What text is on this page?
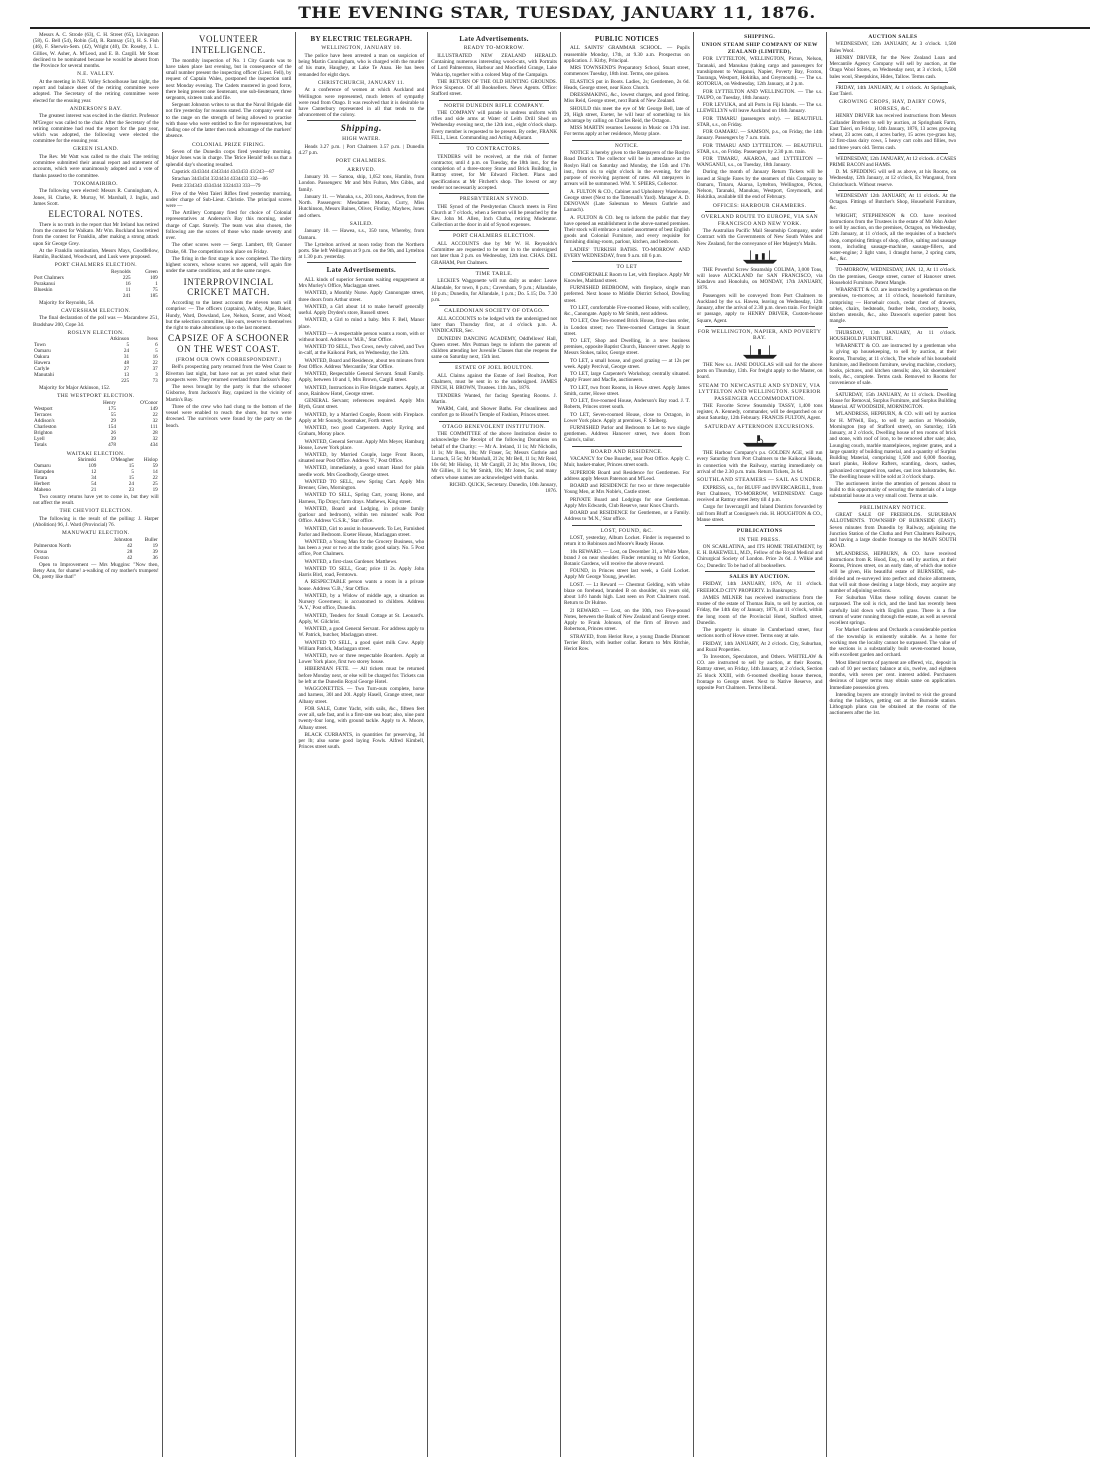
THE EVENING STAR, TUESDAY, JANUARY 11, 1876.

Messrs A. C. Strode (63), C. H. Street (65), Livingston (58), G. Bell (54), Robin (54), R. Ramsay (51), H. S. Fish (46), F. Sherwin-Sem. (42), Wright (40), Dr. Roseby, J. L. Gillies, W. Asher, A. M'Leod, and E. B. Cargill. Mr Stout declined to be nominated because he would be absent from the Province for several months.

N.E. VALLEY.

At the meeting in N.E. Valley Schoolhouse last night, the report and balance sheet of the retiring committee were adopted. The Secretary of the retiring committee were elected for the ensuing year.

ANDERSON'S BAY.

The greatest interest was excited in the district. Professor M'Gregor was called to the chair. After the Secretary of the retiring committee had read the report for the past year, which was adopted, the following were elected the committee for the ensuing year.

GREEN ISLAND.

The Rev. Mr Watt was called to the chair. The retiring committee submitted their annual report and statement of accounts, which were unanimously adopted and a vote of thanks passed to the committee.

TOKOMAIRIRO.

The following were elected: Messrs R. Cunningham, A. Jones, H. Clarke, R. Murray, W. Marshall, J. Inglis, and James Scott.

ELECTORAL NOTES.

There is no truth in the report that Mr Ireland has retired from the contest for Waikato. Mr Wm. Buckland has retired from the contest for Franklin, after making a strong attack upon Sir George Grey.

At the Franklin nomination, Messrs Mays, Goodfellow, Hamlin, Buckland, Woodward, and Lusk were proposed.

PORT CHALMERS ELECTION.
	Reynolds	Green
Port Chalmers	225	109
Purakanui	16	1
Blueskin	11	75
	241	185

Majority for Reynolds, 56.

CAVERSHAM ELECTION.

The final declaration of the poll was — Macandrew 251, Bradshaw 200, Cope 34.

ROSLYN ELECTION.
	Atkinson	Ivess
Town	5	6
Oamaru	24	5
Oakura	31	16
Hawera	48	22
Carlyle	27	37
Manutahi	13	3
	225	73

Majority for Major Atkinson, 152.

THE WESTPORT ELECTION.
	Henry	O'Conor
Westport	175	149
Terraces	55	22
Addison's	29	32
Charleston	154	111
Brighton	26	28
Lyell	39	32
Totals	478	434
WAITAKI ELECTION.
	Shrimski	O'Meagher	Hislop
Oamaru	109	15	59
Hampden	12	5	14
Totara	34	15	22
Herbert	54	24	25
Maheno	21	23	19

Two country returns have yet to come in, but they will not affect the result.

THE CHEVIOT ELECTION.

The following is the result of the polling: J. Harper (Abolition) 96, J. Ward (Provincial) 76.

MANUWATU ELECTION.
	Johnston	Buller
Palmerston North	42	19
Oroua	28	39
Foxton	42	36

Open to Improvement — Mrs Muggins: "Now then, Betsy Ann, for shame! a-walking of my mother's trumpets! Oh, pretty like that!"

VOLUNTEER INTELLIGENCE.

The monthly inspection of No. 1 City Guards was to have taken place last evening, but in consequence of the small number present the inspecting officer (Lieut. Fell), by request of Captain Wales, postponed the inspection until next Monday evening. The Cadets mustered in good force, there being present one lieutenant, one sub-lieutenant, three sergeants, sixteen rank and file.

Sergeant Johnston writes to us that the Naval Brigade did not fire yesterday for reasons stated. The company went out to the range on the strength of being allowed to practise with those who were entitled to fire for representatives, but finding one of the latter then took advantage of the markers' absence.

COLONIAL PRIZE FIRING.

Seven of the Dunedin corps fired yesterday morning. Major Jones was in charge. The 'Brice Herald' tells us that a splendid day's shooting resulted.

Capstick 4343344 4343344 4343433 43/243—87

Strachan 3443434 3324434 4334433 332—86

Pettit 2334343 4334344 3324433 333—79

Five of the West Taieri Rifles fired yesterday morning, under charge of Sub-Lieut. Christie. The principal scores were —

The Artillery Company fired for choice of Colonial representatives at Anderson's Bay this morning, under charge of Capt. Stavely. The team was also chosen, the following are the scores of those who made seventy and over.

The other scores were — Sergt. Lambert, 69; Gunner Drake, 68. The competition took place on Friday.

The firing in the first stage is now completed. The thirty highest scorers, whose scores we append, will again fire under the same conditions, and at the same ranges.

INTERPROVINCIAL CRICKET MATCH.

According to the latest accounts the eleven team will comprise: — The officers (captains), Ashby, Alpe, Baker, Hundy, Ward, Dowsland, Lee, Nelson, Scoter, and Wood; but the selection committee, like ours, reserve to themselves the right to make alterations up to the last moment.

CAPSIZE OF A SCHOONER ON THE WEST COAST.
(FROM OUR OWN CORRESPONDENT.)

Bell's prospecting party returned from the West Coast to Riverton last night, but have not as yet stated what their prospects were. They returned overland from Jackson's Bay.

The news brought by the party is that the schooner Gisborne, from Jackson's Bay, capsized in the vicinity of Martin's Bay.

Three of the crew who had clung to the bottom of the vessel were enabled to reach the shore, but two were drowned. The survivors were found by the party on the beach.

BY ELECTRIC TELEGRAPH.
WELLINGTON, JANUARY 10.

The police have been arrested a man on suspicion of being Martin Cunningham, who is charged with the murder of his mate, Haughey, at Lake Te Anau. He has been remanded for eight days.

CHRISTCHURCH, JANUARY 11.

At a conference of women at which Auckland and Wellington were represented, much letters of sympathy were read from Otago. It was resolved that it is desirable to have Canterbury represented in all that tends to the advancement of the colony.

Shipping.
HIGH WATER.

Heads 3.27 p.m. | Port Chalmers 3.57 p.m. | Dunedin 4.27 p.m.

PORT CHALMERS.
ARRIVED.

January 10. — Samoa, ship, 1,052 tons, Hamlin, from London. Passengers: Mr and Mrs Fulton, Mrs Gibbs, and family.

January 11. — Wanaka, s.s., 203 tons, Andrews, from the North. Passengers: Mesdames Moran, Curry, Miss Hutchinson, Messrs Baines, Oliver, Findlay, Mayhew, Jones and others.

SAILED.

January 10. — Hawea, s.s., 350 tons, Whereby, from Oamaru.

The Lyttelton arrived at noon today from the Northern ports. She left Wellington at 9 p.m. on the 9th, and Lyttelton at 1.30 p.m. yesterday.

Late Advertisements.

ALL kinds of superior Servants waiting engagement at Mrs Murley's Office, Maclaggan street.

WANTED, a Monthly Nurse. Apply Cannongate street, three doors from Arthur street.

WANTED, a Girl about 14 to make herself generally useful. Apply Dryden's store, Russell street.

WANTED, a Girl to mind a baby. Mrs F. Bell, Manor place.

WANTED — A respectable person wants a room, with or without board. Address to 'M.B.,' Star Office.

WANTED TO SELL, Two Cows, newly calved, and Two in-calf, at the Kaikorai Park, on Wednesday, the 12th.

WANTED, Board and Residence, about ten minutes from Post Office. Address 'Mercantile,' Star Office.

WANTED, Respectable General Servant. Small Family. Apply, between 10 and 1, Mrs Brown, Cargill street.

WANTED, Instructions in Fire Brigade matters. Apply, at once, Rainbow Hotel, George street.

GENERAL Servant; references required. Apply Mrs Blyth, Grant street.

WANTED, by a Married Couple, Room with Fireplace. Apply at Mr Soundy, bootmaker, Forth street.

WANTED, two good Carpenters. Apply Eyring and Graham, Moray place.

WANTED, General Servant. Apply Mrs Meyer, Hamburg House, Lower York place.

WANTED, by Married Couple, large Front Room, situated near Post Office. Address 'F.,' Post Office.

WANTED, immediately, a good smart Hand for plain needle work. Mrs Goodbody, George street.

WANTED TO SELL, new Spring Cart. Apply Mrs Brenner, Glen, Mornington.

WANTED TO SELL, Spring Cart, young Horse, and Harness, Tip Drays; farm drays. Mathews, King street.

WANTED, Board and Lodging, in private family (parlour and bedroom), within ten minutes' walk Post Office. Address 'G.S.R.,' Star office.

WANTED, Girl to assist in housework. To Let, Furnished Parlor and Bedroom. Exeter House, Maclaggan street.

WANTED, a Young Man for the Grocery Business, who has been a year or two at the trade; good salary. No. 5 Post office, Port Chalmers.

WANTED, a first-class Gardener. Matthews.

WANTED TO SELL, Goat; price 1l 2s. Apply John Harris Bird, road, Ferntown.

A RESPECTABLE person wants a room in a private house. Address 'G.B.,' Star Office.

WANTED, by a Widow of middle age, a situation as Nursery Governess; is accustomed to children. Address 'A.Y.,' Post office, Dunedin.

WANTED, Tenders for Small Cottage at St. Leonard's. Apply, W. Gilchrist.

WANTED, a good General Servant. For address apply to W. Patrick, butcher, Maclaggan street.

WANTED TO SELL, a good quiet milk Cow. Apply William Patrick, Maclaggan street.

WANTED, two or three respectable Boarders. Apply at Lower York place, first two storey house.

HIBERNIAN FETE. — All tickets must be returned before Monday next, or else will be charged for. Tickets can be left at the Dunedin Royal George Hotel.

WAGGONETTES. — Two Turn-outs complete, horse and harness, 30l and 20l. Apply Hasell, Grange street, near Albany street.

FOR SALE, Cutter Yacht, with sails, &c., fifteen feet over all, safe fast, and is a first-rate sea boat; also, nine punt twenty-four long, with ground tackle. Apply to A. Moore, Albany street.

BLACK CURRANTS, in quantities for preserving, 3d per lb; also some good laying Fowls. Alfred Kimbell, Princes street south.

Late Advertisements.
READY TO-MORROW.

ILLUSTRATED NEW ZEALAND HERALD. Containing numerous interesting wood-cuts, with Portraits of Lord Palmerston, Harbour and Moorfield Grange, Lake Waka tip, together with a colored Map of the Campaign.

THE RETURN OF THE OLD HUNTING GROUNDS. Price Sixpence. Of all Booksellers. News Agents. Office: Stafford street.

NORTH DUNEDIN RIFLE COMPANY.

THE COMPANY will parade in undress uniform with rifles and side arms at Water of Leith Drill Shed on Wednesday evening next, the 12th inst., eight o'clock sharp. Every member is requested to be present. By order, FRANK FELL, Lieut. Commanding and Acting Adjutant.

TO CONTRACTORS.

TENDERS will be received, at the risk of former contractor, until 4 p.m. on Tuesday, the 18th inst., for the completion of a three-storey Stone and Brick Building, in Rattray street, for Mr Edward Fitchett. Plans and specifications at Mr Fitchett's shop. The lowest or any tender not necessarily accepted.

PRESBYTERIAN SYNOD.

THE Synod of the Presbyterian Church meets in First Church at 7 o'clock, when a Sermon will be preached by the Rev. John M. Allen, Inch Clutha, retiring Moderator. Collection at the door in aid of Synod expenses.

PORT CHALMERS ELECTION.

ALL ACCOUNTS due by Mr W. H. Reynolds's Committee are requested to be sent in to the undersigned not later than 2 p.m. on Wednesday, 12th inst. CHAS. DEL GRAHAM, Port Chalmers.

TIME TABLE.

LECKIE'S Waggonette will run daily as under: Leave Allandale, for town, 8 p.m.; Caversham, 9 p.m.; Allandale, 10 p.m.; Dunedin, for Allandale, 1 p.m.; Do. 5.15; Do. 7.30 p.m.

CALEDONIAN SOCIETY OF OTAGO.

ALL ACCOUNTS to be lodged with the undersigned not later than Thursday first, at 4 o'clock p.m. A. VINDICATER, Sec.

DUNEDIN DANCING ACADEMY, Oddfellows' Hall, Queen street. Mrs Putman begs to inform the parents of children attending her Juvenile Classes that she reopens the same on Saturday next, 15th inst.

ESTATE OF JOEL BOULTON.

ALL Claims against the Estate of Joel Boulton, Port Chalmers, must be sent in to the undersigned. JAMES FINCH, H. BROWN, Trustees. 11th Jan., 1876.

TENDERS Wanted, for facing Spenting Rooms. J. Martin.

WARM, Cold, and Shower Baths. For cleanliness and comfort go to Bissell's Temple of Fashion, Princes street.

OTAGO BENEVOLENT INSTITUTION.

THE COMMITTEE of the above Institution desire to acknowledge the Receipt of the following Donations on behalf of the Charity: — Mr A. Ireland, 1l 1s; Mr Nicholls, 1l 1s; Mr Ross, 10s; Mr Fraser, 5s; Messrs Guthrie and Larnach, 5l 5s; Mr Marshall, 2l 2s; Mr Bell, 1l 1s; Mr Reid, 10s 6d; Mr Hislop, 1l; Mr Cargill, 2l 2s; Mrs Brown, 10s; Mr Gillies, 1l 1s; Mr Smith, 10s; Mr Jones, 5s; and many others whose names are acknowledged with thanks.

RICHD. QUICK, Secretary. Dunedin, 10th January, 1876.

PUBLIC NOTICES

ALL SAINTS' GRAMMAR SCHOOL. — Pupils reassemble Monday, 17th, at 9.30 a.m. Prospectus on application. J. Kirby, Principal.

MRS TOWNSEND'S Preparatory School, Stuart street, commences Tuesday, 18th inst. Terms, one guinea.

ELASTICS put in Boots. Ladies, 2s; Gentlemen, 2s 6d. Heads, George street, near Knox Church.

DRESSMAKING, &c., lowest charges, and good fitting. Miss Reid, George street, next Bank of New Zealand.

SHOULD this meet the eye of Mr George Bell, late of 29, High street, Exeter, he will hear of something to his advantage by calling on Charles Reid, the Octagon.

MISS MARTIN resumes Lessons in Music on 17th inst. For terms apply at her residence, Moray place.

NOTICE.

NOTICE is hereby given to the Ratepayers of the Roslyn Road District. The collector will be in attendance at the Roslyn Hall on Saturday and Monday, the 15th and 17th inst., from six to eight o'clock in the evening, for the purpose of receiving payment of rates. All ratepayers in arrears will be summoned. WM. Y. SPIERS, Collector.

A. FULTON & CO., Cabinet and Upholstery Warehouse, George street (Next to the Tattersall's Yard). Manager A. D. DENOVAN (Late Salesman to Messrs Guthrie and Larnach).

A. FULTON & CO. beg to inform the public that they have opened an establishment in the above-named premises. Their stock will embrace a varied assortment of best English goods and Colonial Furniture, and every requisite for furnishing dining-room, parlour, kitchen, and bedroom.

LADIES' TURKISH BATHS. TO-MORROW AND EVERY WEDNESDAY, from 9 a.m. till 6 p.m.

TO LET

COMFORTABLE Room to Let, with fireplace. Apply Mr Knowles, Maitland street.

FURNISHED BEDROOM, with fireplace, single man preferred. Next house to Middle District School, Dowling street.

TO LET, comfortable Five-roomed House, with scullery, &c., Canongate. Apply to Mr Smith, next address.

TO LET, One Ten-roomed Brick House, first-class order, in London street; two Three-roomed Cottages in Stuart street.

TO LET, Shop and Dwelling, in a new business premises, opposite Baptist Church, Hanover street. Apply to Messrs Stokes, tailor, George street.

TO LET, a small house, and good grazing — at 12s per week. Apply Percival, George street.

TO LET, large Carpenter's Workshop; centrally situated. Apply Fraser and Macfie, auctioneers.

TO LET, two front Rooms, in Howe street. Apply James Smith, carter, Howe street.

TO LET, five-roomed House, Anderson's Bay road. J. T. Roberts, Princes street south.

TO LET, Seven-roomed House, close to Octagon, in Lower York place. Apply at premises, F. Sleiberg.

FURNISHED Parlor and Bedroom to Let to two single gentlemen. Address Hanover street, two doors from Cairns's, tailor.

BOARD AND RESIDENCE.

VACANCY for One Boarder, near Post Office. Apply C. Muir, basket-maker, Princes street south.

SUPERIOR Board and Residence for Gentlemen. For address apply Messrs Paterson and M'Leod.

BOARD and RESIDENCE for two or three respectable Young Men, at Mrs Noble's, Castle street.

PRIVATE Board and Lodgings for one Gentleman. Apply Mrs Edwards, Club Reserve, near Knox Church.

BOARD and RESIDENCE for Gentlemen, or a Family. Address to 'M.N.,' Star office.

LOST, FOUND, &C.

LOST, yesterday, Album Locket. Finder is requested to return it to Robinson and Moore's Ready House.

10s REWARD. — Lost, on December 31, a White Mare, brand J on near shoulder. Finder returning to Mr Gordon, Botanic Gardens, will receive the above reward.

FOUND, in Princes street last week, a Gold Locket. Apply Mr George Young, jeweller.

LOST. — Lt Reward — Chestnut Gelding, with white blaze on forehead, branded B on shoulder, six years old, about 14½ hands high. Last seen on Port Chalmers road. Return to Dr Hulme.

2l REWARD. — Lost, on the 10th, two Five-pound Notes, between the Bank of New Zealand and George street. Apply to Frank Johnson, of the firm of Brown and Robertson, Princes street.

STRAYED, from Heriot Row, a young Dandie Dinmont Terrier Bitch, with leather collar. Return to Mrs Ritchie, Heriot Row.

SHIPPING.
UNION STEAM SHIP COMPANY OF NEW ZEALAND (LIMITED),

FOR LYTTELTON, WELLINGTON, Picton, Nelson, Taranaki, and Manukau (taking cargo and passengers for transhipment to Wanganui, Napier, Poverty Bay, Foxton, Tauranga, Westport, Hokitika, and Greymouth). — The s.s. ROTORUA, on Wednesday, 12th January, at 2 p.m.

FOR LYTTELTON AND WELLINGTON. — The s.s. TAUPO, on Tuesday, 18th January.

FOR LEVUKA, and all Ports in Fiji Islands. — The s.s. LLEWELLYN will leave Auckland on 16th January.

FOR TIMARU (passengers only). — BEAUTIFUL STAR, s.s., on Friday.

FOR OAMARU. — SAMSON, p.s., on Friday, the 14th January. Passengers by 7 a.m. train.

FOR TIMARU AND LYTTELTON. — BEAUTIFUL STAR, s.s., on Friday. Passengers by 2.30 p.m. train.

FOR TIMARU, AKAROA, and LYTTELTON — WANGANUI, s.s., on Tuesday, 18th January.

During the month of January Return Tickets will be issued at Single Fares by the steamers of this Company to Oamaru, Timaru, Akaroa, Lyttelton, Wellington, Picton, Nelson, Taranaki, Manukau, Westport, Greymouth, and Hokitika, available till the end of February.

OFFICES: HARBOUR CHAMBERS.
OVERLAND ROUTE TO EUROPE, VIA SAN FRANCISCO AND NEW YORK.

The Australian Pacific Mail Steamship Company, under Contract with the Governments of New South Wales and New Zealand, for the conveyance of Her Majesty's Mails.

THE Powerful Screw Steamship COLIMA, 3,000 Tons, will leave AUCKLAND for SAN FRANCISCO, via Kandavu and Honolulu, on MONDAY, 17th JANUARY, 1876.

Passengers will be conveyed from Port Chalmers to Auckland by the s.s. Hawea, leaving on Wednesday, 12th January, after the arrival of 2.30 p.m. down train. For freight or passage, apply to HENRY DRIVER, Custom-house Square, Agent.

FOR WELLINGTON, NAPIER, AND POVERTY BAY.

THE New s.s. JANE DOUGLAS will sail for the above ports on Thursday, 13th. For freight apply to the Master, on board.

STEAM TO NEWCASTLE AND SYDNEY, VIA LYTTELTON AND WELLINGTON. SUPERIOR PASSENGER ACCOMMODATION.

THE Favorite Screw Steamship TASSY, 1,400 tons register, A. Kennedy, commander, will be despatched on or about Saturday, 12th February. FRANCIS FULTON, Agent.

SATURDAY AFTERNOON EXCURSIONS.

THE Harbour Company's p.s. GOLDEN AGE, will run every Saturday from Port Chalmers to the Kaikorai Heads, in connection with the Railway, starting immediately on arrival of the 2.30 p.m. train. Return Tickets, 2s 6d.

SOUTHLAND STEAMERS — SAIL AS UNDER.

EXPRESS, s.s., for BLUFF and INVERCARGILL, from Port Chalmers, TO-MORROW, WEDNESDAY. Cargo received at Rattray street Jetty till 4 p.m.

Cargo for Invercargill and Inland Districts forwarded by rail from Bluff at Consignee's risk. H. HOUGHTON & CO., Manse street.

PUBLICATIONS
IN THE PRESS.

ON SCARLATINA, and ITS HOME TREATMENT, by E. H. BAKEWELL, M.D., Fellow of the Royal Medical and Chirurgical Society of London. Price 2s 6d. J. Wilkie and Co.; Dunedin: To be had of all booksellers.

SALES BY AUCTION.

FRIDAY, 14th JANUARY, 1876, At 11 o'clock. FREEHOLD CITY PROPERTY. In Bankruptcy.

JAMES MILNER has received instructions from the trustee of the estate of Thomas Bain, to sell by auction, on Friday, the 14th day of January, 1876, at 11 o'clock, within the long room of the Provincial Hotel, Stafford street, Dunedin.

The property is situate in Cumberland street, four sections north of Howe street. Terms easy at sale.

FRIDAY, 14th JANUARY, At 2 o'clock. City, Suburban, and Rural Properties.

To Investors, Speculators, and Others. WHITELAW & CO. are instructed to sell by auction, at their Rooms, Rattray street, on Friday, 14th January, at 2 o'clock, Section 35 block XXIII, with 6-roomed dwelling house thereon, frontage to George street. Next to Native Reserve, and opposite Port Chalmers. Terms liberal.

AUCTION SALES

WEDNESDAY, 12th JANUARY, At 3 o'clock. 1,500 Bales Wool.

HENRY DRIVER, for the New Zealand Loan and Mercantile Agency Company will sell by auction, at the Otago Wool Stores, on Wednesday next, at 3 o'clock, 1,500 bales wool, Sheepskins, Hides, Tallow. Terms cash.

FRIDAY, 14th JANUARY, At 1 o'clock. At Springbank, East Taieri.

GROWING CROPS, HAY, DAIRY COWS, HORSES, &C.

HENRY DRIVER has received instructions from Messrs Callander Brothers to sell by auction, at Springbank Farm, East Taieri, on Friday, 14th January, 1876, 13 acres growing wheat, 23 acres oats, 4 acres barley, 15 acres rye-grass hay, 12 first-class dairy cows, 5 heavy cart colts and fillies, two and three years old. Terms cash.

WEDNESDAY, 12th JANUARY, At 12 o'clock. 4 CASES PRIME BACON and HAMS.

D. M. SPEDDING will sell as above, at his Rooms, on Wednesday, 12th January, at 12 o'clock, Ex Wanganui, from Christchurch. Without reserve.

WEDNESDAY 12th JANUARY, At 11 o'clock. At the Octagon. Fittings of Butcher's Shop, Household Furniture, &c.

WRIGHT, STEPHENSON & CO. have received instructions from the Trustees in the estate of Mr John Asher to sell by auction, on the premises, Octagon, on Wednesday, 12th January, at 11 o'clock, all the requisites of a butcher's shop, comprising fittings of shop, office, salting and sausage room, including sausage-machine, sausage-fillers, and water-engine; 2 light vans, 1 draught horse, 2 spring carts, &c., &c.

TO-MORROW, WEDNESDAY, JAN. 12, At 11 o'clock. On the premises, George street, corner of Hanover street. Household Furniture. Patent Mangle.

WBARNETT & CO. are instructed by a gentleman on the premises, to-morrow, at 11 o'clock, household furniture, comprising — Horsehair couch, cedar chest of drawers, tables, chairs, bedsteads, feather beds, crockery, books, kitchen utensils, &c., also Dawson's superior patent box mangle.

THURSDAY, 13th JANUARY, At 11 o'clock. HOUSEHOLD FURNITURE.

WBARNETT & CO. are instructed by a gentleman who is giving up housekeeping, to sell by auction, at their Rooms, Thursday, at 11 o'clock, The whole of his household furniture, and Bedroom furniture, sewing machine, crockery, books, pictures, and kitchen utensils; also, kit shoemakers' tools, &c., complete. Terms cash. Removed to Rooms for convenience of sale.

SATURDAY, 15th JANUARY, At 11 o'clock. Dwelling House for Removal, Surplus Furniture, and Surplus Building Material. AT WOODSIDE, MORNINGTON.

M'LANDRESS, HEPBURN, & CO. will sell by auction for H. M'Neill, Esq., to sell by auction at Woodside, Mornington (top of Stafford street), on Saturday, 15th January, at 2 o'clock, Dwelling house of ten rooms of brick and stone, with roof of iron, to be removed after sale; also, Lounging couch, marble mantelpieces, register grates, and a large quantity of building material, and a quantity of Surplus Building Material, comprising 1,500 and 6,000 flooring, kauri planks, Hollow Rafters, scantling, doors, sashes, galvanized corrugated iron, sashes, cast iron balustrades, &c. The dwelling house will be sold at 3 o'clock sharp.

The auctioneers invite the attention of persons about to build to this opportunity of securing the materials of a large substantial house at a very small cost. Terms at sale.

PRELIMINARY NOTICE.

GREAT SALE OF FREEHOLDS. SUBURBAN ALLOTMENTS. TOWNSHIP OF BURNSIDE (EAST). Seven minutes from Dunedin by Railway, adjoining the Junction Station of the Clutha and Port Chalmers Railways, and having a large double frontage to the MAIN SOUTH ROAD.

M'LANDRESS, HEPBURN, & CO. have received instructions from R. Hood, Esq., to sell by auction, at their Rooms, Princes street, on an early date, of which due notice will be given, His beautiful estate of BURNSIDE, sub-divided and re-surveyed into perfect and choice allotments, that will suit those desiring a large block, may acquire any number of adjoining sections.

For Suburban Villas these rolling downs cannot be surpassed. The soil is rich, and the land has recently been carefully laid down with English grass. There is a fine stream of water running through the estate, as well as several excellent springs.

For Market Gardens and Orchards a considerable portion of the township is eminently suitable. As a home for working men the locality cannot be surpassed. The value of the sections is a substantially built seven-roomed house, with excellent garden and orchard.

Most liberal terms of payment are offered, viz., deposit in cash of 10 per section; balance at six, twelve, and eighteen months, with seven per cent. interest added. Purchasers desirous of larger terms may obtain same on application. Immediate possession given.

Intending buyers are strongly invited to visit the ground during the holidays, getting out at the Burnside station. Lithograph plans can be obtained at the rooms of the auctioneers after the 1st.
